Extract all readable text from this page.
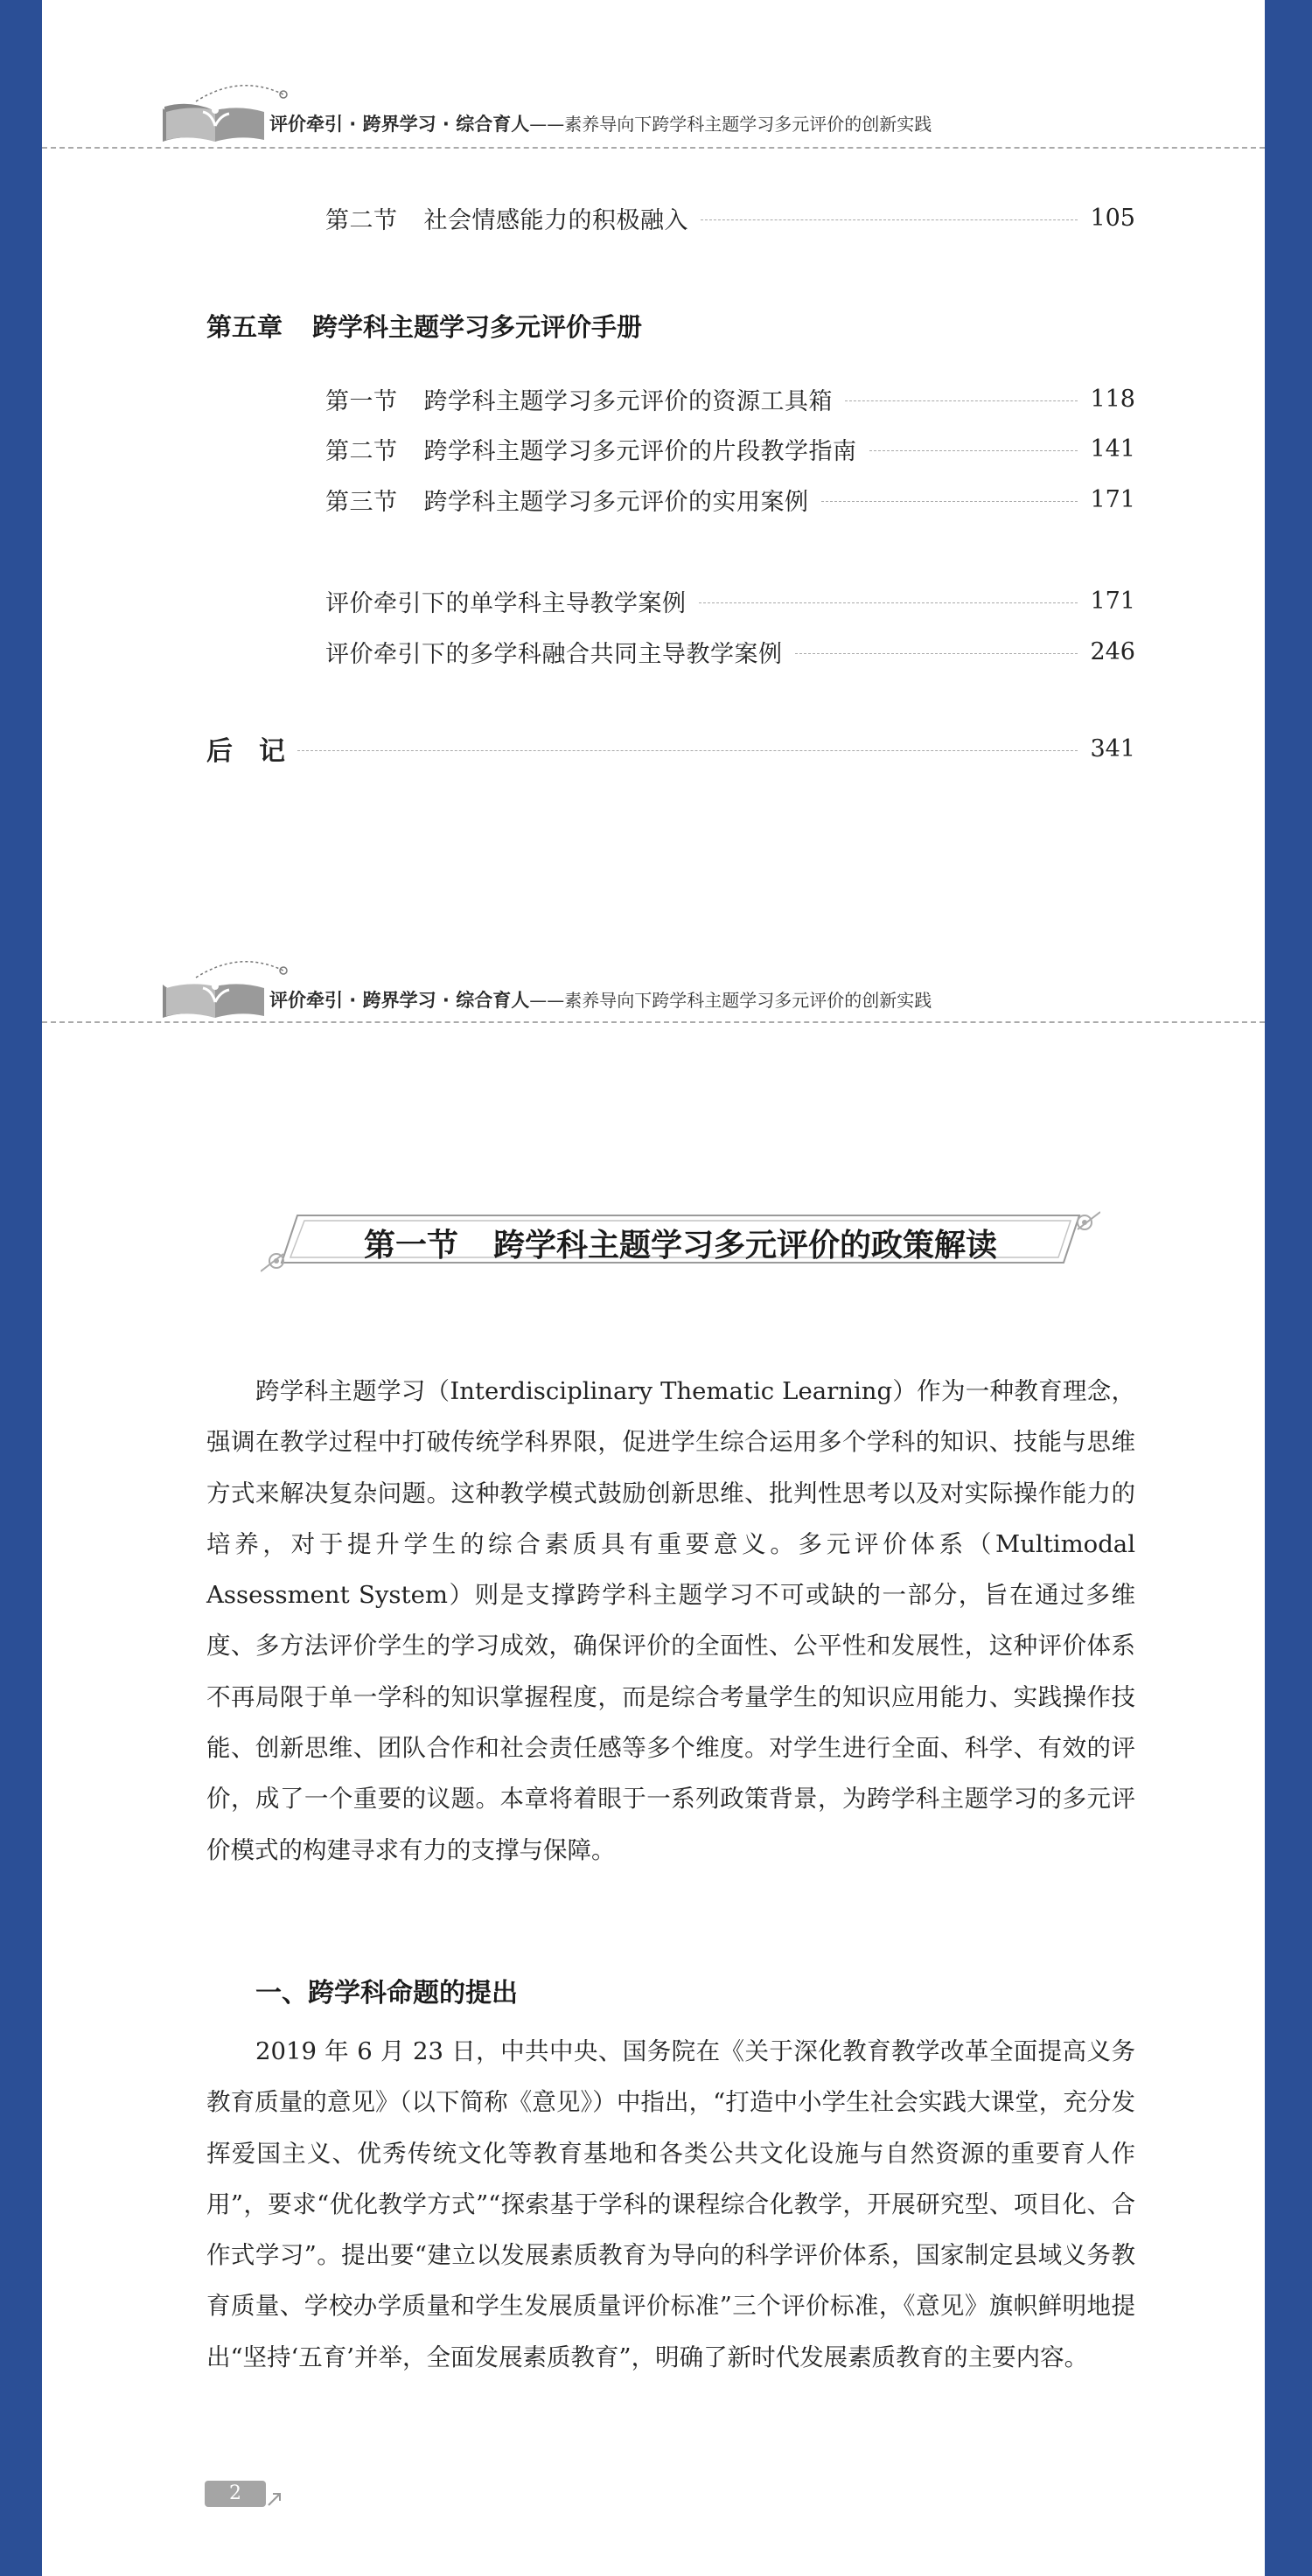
评价牵引 · 跨界学习 · 综合育人——素养导向下跨学科主题学习多元评价的创新实践
第二节 社会情感能力的积极融入	105
第五章 跨学科主题学习多元评价手册
第一节 跨学科主题学习多元评价的资源工具箱	118
第二节 跨学科主题学习多元评价的片段教学指南	141
第三节 跨学科主题学习多元评价的实用案例	171
评价牵引下的单学科主导教学案例	171
评价牵引下的多学科融合共同主导教学案例	246
后　记	341
评价牵引 · 跨界学习 · 综合育人——素养导向下跨学科主题学习多元评价的创新实践
第一节 跨学科主题学习多元评价的政策解读

跨学科主题学习（Interdisciplinary Thematic Learning）作为一种教育理念，强调在教学过程中打破传统学科界限，促进学生综合运用多个学科的知识、技能与思维方式来解决复杂问题。这种教学模式鼓励创新思维、批判性思考以及对实际操作能力的培养，对于提升学生的综合素质具有重要意义。多元评价体系（Multimodal Assessment System）则是支撑跨学科主题学习不可或缺的一部分，旨在通过多维度、多方法评价学生的学习成效，确保评价的全面性、公平性和发展性，这种评价体系不再局限于单一学科的知识掌握程度，而是综合考量学生的知识应用能力、实践操作技能、创新思维、团队合作和社会责任感等多个维度。对学生进行全面、科学、有效的评价，成了一个重要的议题。本章将着眼于一系列政策背景，为跨学科主题学习的多元评价模式的构建寻求有力的支撑与保障。

一、跨学科命题的提出

2019 年 6 月 23 日，中共中央、国务院在《关于深化教育教学改革全面提高义务教育质量的意见》（以下简称《意见》）中指出，“打造中小学生社会实践大课堂，充分发挥爱国主义、优秀传统文化等教育基地和各类公共文化设施与自然资源的重要育人作用”，要求“优化教学方式”“探索基于学科的课程综合化教学，开展研究型、项目化、合作式学习”。提出要“建立以发展素质教育为导向的科学评价体系，国家制定县域义务教育质量、学校办学质量和学生发展质量评价标准”三个评价标准，《意见》旗帜鲜明地提出“坚持‘五育’并举，全面发展素质教育”，明确了新时代发展素质教育的主要内容。

2
